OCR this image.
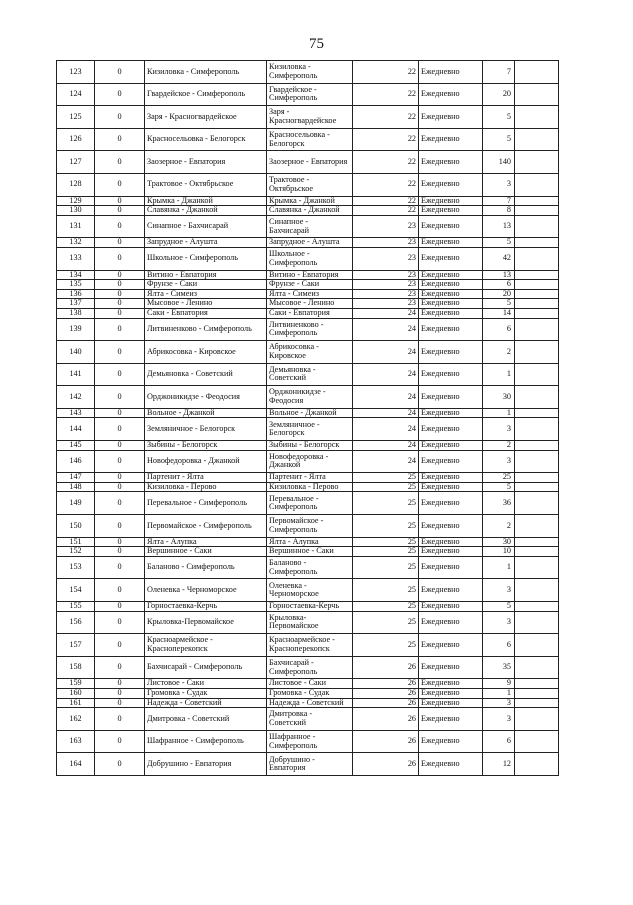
75
123	0	Кизиловка - Симферополь	Кизиловка - Симферополь	22	Ежедневно	7	
124	0	Гвардейское - Симферополь	Гвардейское - Симферополь	22	Ежедневно	20	
125	0	Заря - Красногвардейское	Заря - Красногвардейское	22	Ежедневно	5	
126	0	Красносельовка - Белогорск	Красносельовка - Белогорск	22	Ежедневно	5	
127	0	Заозерное - Евпатория	Заозерное - Евпатория	22	Ежедневно	140	
128	0	Трактовое - Октябрьское	Трактовое - Октябрьское	22	Ежедневно	3	
129	0	Крымка - Джанкой	Крымка - Джанкой	22	Ежедневно	7	
130	0	Славянка - Джанкой	Славянка - Джанкой	22	Ежедневно	8	
131	0	Синапное - Бахчисарай	Синапное - Бахчисарай	23	Ежедневно	13	
132	0	Запрудное - Алушта	Запрудное - Алушта	23	Ежедневно	5	
133	0	Школьное - Симферополь	Школьное - Симферополь	23	Ежедневно	42	
134	0	Витино - Евпатория	Витино - Евпатория	23	Ежедневно	13	
135	0	Фрунзе - Саки	Фрунзе - Саки	23	Ежедневно	6	
136	0	Ялта - Симеиз	Ялта - Симеиз	23	Ежедневно	20	
137	0	Мысовое - Ленино	Мысовое - Ленино	23	Ежедневно	5	
138	0	Саки - Евпатория	Саки - Евпатория	24	Ежедневно	14	
139	0	Литвиненково - Симферополь	Литвиненково - Симферополь	24	Ежедневно	6	
140	0	Абрикосовка - Кировское	Абрикосовка - Кировское	24	Ежедневно	2	
141	0	Демьяновка - Советский	Демьяновка - Советский	24	Ежедневно	1	
142	0	Орджоникидзе - Феодосия	Орджоникидзе - Феодосия	24	Ежедневно	30	
143	0	Вольное - Джанкой	Вольное - Джанкой	24	Ежедневно	1	
144	0	Земляничное - Белогорск	Земляничное - Белогорск	24	Ежедневно	3	
145	0	Зыбины - Белогорск	Зыбины - Белогорск	24	Ежедневно	2	
146	0	Новофедоровка - Джанкой	Новофедоровка - Джанкой	24	Ежедневно	3	
147	0	Партенит - Ялта	Партенит - Ялта	25	Ежедневно	25	
148	0	Кизиловка - Перово	Кизиловка - Перово	25	Ежедневно	5	
149	0	Перевальное - Симферополь	Перевальное - Симферополь	25	Ежедневно	36	
150	0	Первомайское - Симферополь	Первомайское - Симферополь	25	Ежедневно	2	
151	0	Ялта - Алупка	Ялта - Алупка	25	Ежедневно	30	
152	0	Вершинное - Саки	Вершинное - Саки	25	Ежедневно	10	
153	0	Баланово - Симферополь	Баланово - Симферополь	25	Ежедневно	1	
154	0	Оленевка - Черноморское	Оленевка - Черноморское	25	Ежедневно	3	
155	0	Горностаевка-Керчь	Горностаевка-Керчь	25	Ежедневно	5	
156	0	Крыловка-Первомайское	Крыловка-Первомайское	25	Ежедневно	3	
157	0	Красноармейское - Краснoперекопск	Красноармейское - Краснoперекопск	25	Ежедневно	6	
158	0	Бахчисарай - Симферополь	Бахчисарай - Симферополь	26	Ежедневно	35	
159	0	Листовое - Саки	Листовое - Саки	26	Ежедневно	9	
160	0	Громовка - Судак	Громовка - Судак	26	Ежедневно	1	
161	0	Надежда - Советский	Надежда - Советский	26	Ежедневно	3	
162	0	Дмитровка - Советский	Дмитровка - Советский	26	Ежедневно	3	
163	0	Шафранное - Симферополь	Шафранное - Симферополь	26	Ежедневно	6	
164	0	Добрушино - Евпатория	Добрушино - Евпатория	26	Ежедневно	12	
